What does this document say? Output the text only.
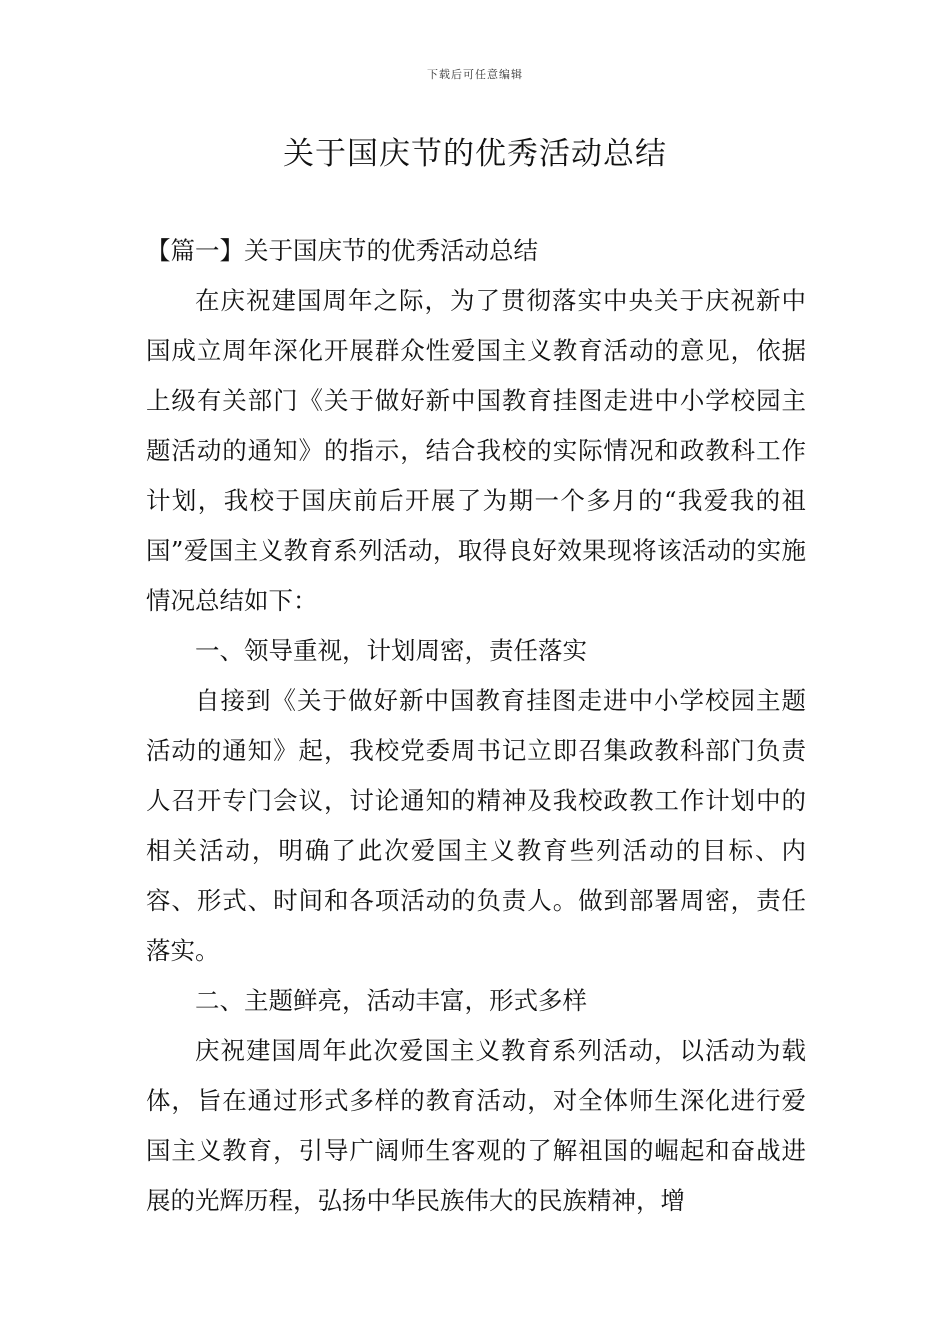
下载后可任意编辑
关于国庆节的优秀活动总结

【篇一】关于国庆节的优秀活动总结

在庆祝建国周年之际，为了贯彻落实中央关于庆祝新中国成立周年深化开展群众性爱国主义教育活动的意见，依据上级有关部门《关于做好新中国教育挂图走进中小学校园主题活动的通知》的指示，结合我校的实际情况和政教科工作计划，我校于国庆前后开展了为期一个多月的“我爱我的祖国”爱国主义教育系列活动，取得良好效果现将该活动的实施情况总结如下：

一、领导重视，计划周密，责任落实

自接到《关于做好新中国教育挂图走进中小学校园主题活动的通知》起，我校党委周书记立即召集政教科部门负责人召开专门会议，讨论通知的精神及我校政教工作计划中的相关活动，明确了此次爱国主义教育些列活动的目标、内容、形式、时间和各项活动的负责人。做到部署周密，责任落实。

二、主题鲜亮，活动丰富，形式多样

庆祝建国周年此次爱国主义教育系列活动，以活动为载体，旨在通过形式多样的教育活动，对全体师生深化进行爱国主义教育，引导广阔师生客观的了解祖国的崛起和奋战进展的光辉历程，弘扬中华民族伟大的民族精神，增
